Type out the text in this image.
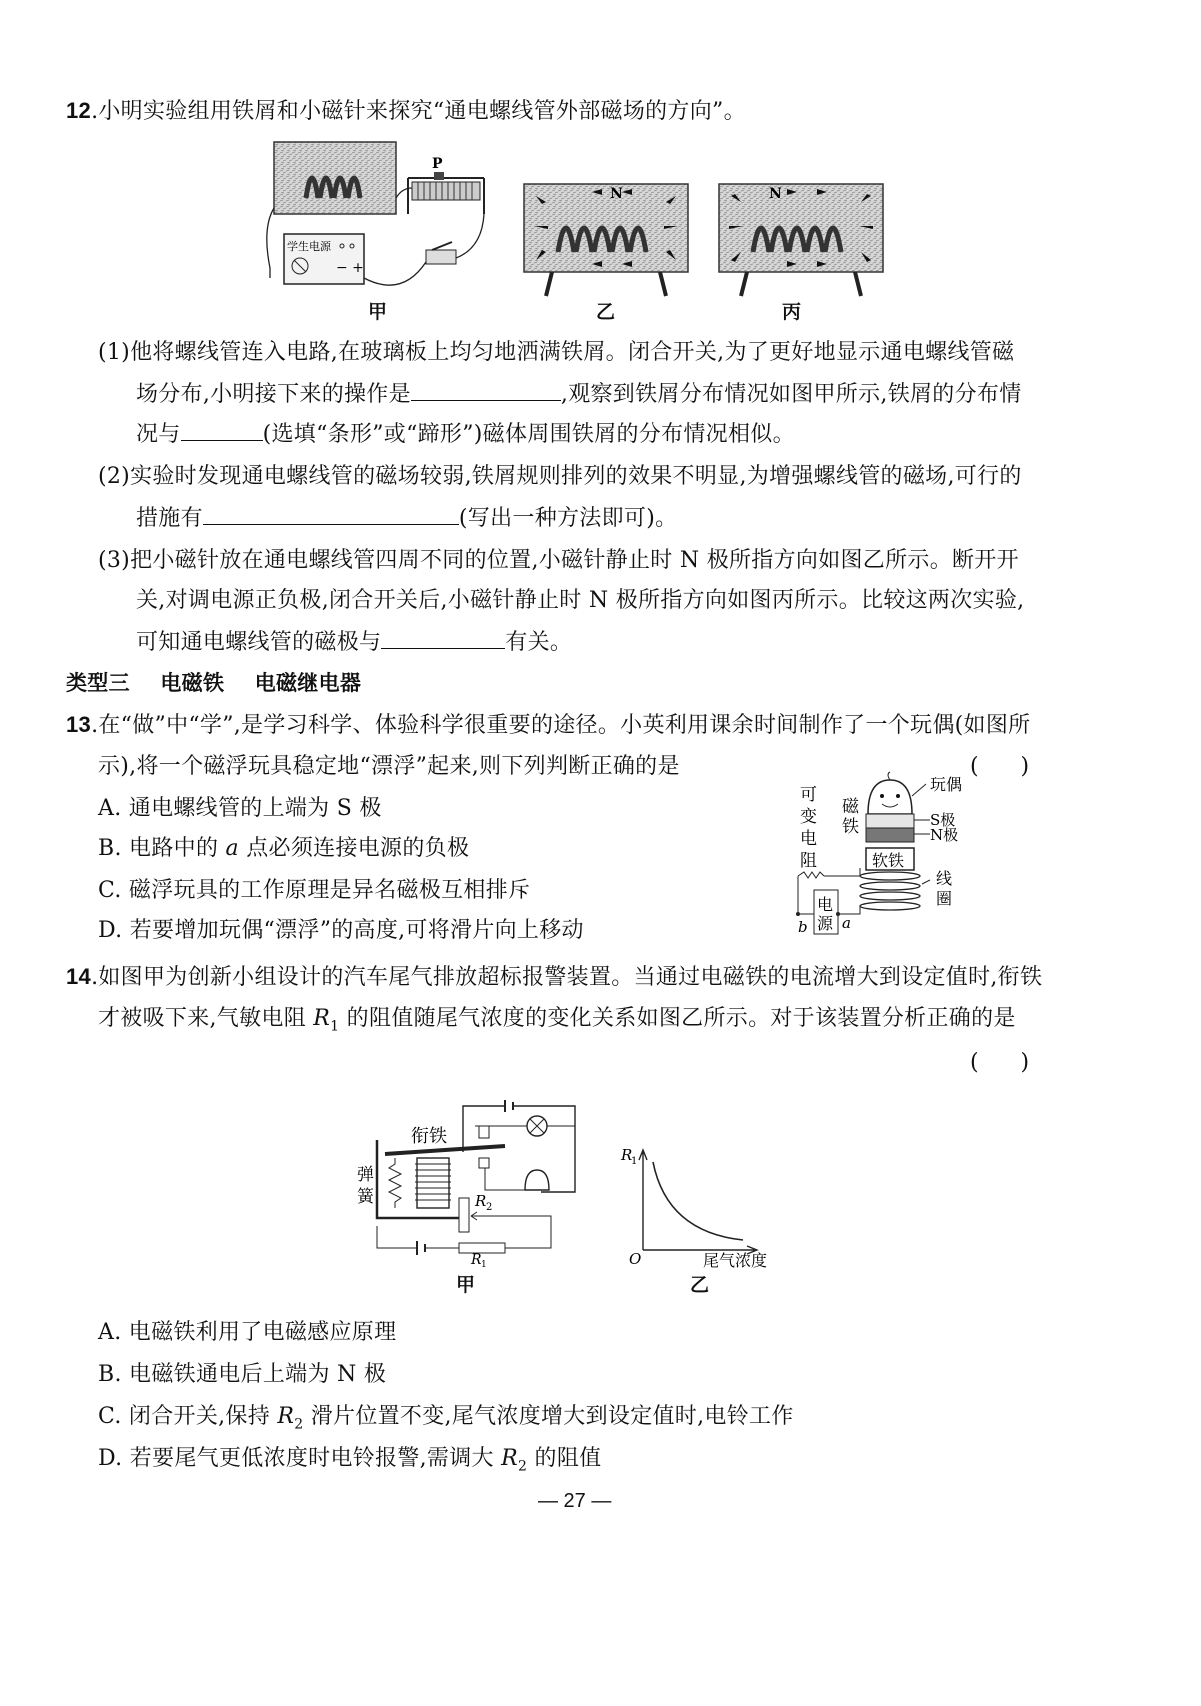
12.小明实验组用铁屑和小磁针来探究“通电螺线管外部磁场的方向”。
P
− +
学生电源
甲
N
乙
N
丙
(1)他将螺线管连入电路,在玻璃板上均匀地洒满铁屑。闭合开关,为了更好地显示通电螺线管磁
场分布,小明接下来的操作是	,观察到铁屑分布情况如图甲所示,铁屑的分布情
况与	(选填“条形”或“蹄形”)磁体周围铁屑的分布情况相似。
(2)实验时发现通电螺线管的磁场较弱,铁屑规则排列的效果不明显,为增强螺线管的磁场,可行的
措施有	(写出一种方法即可)。
(3)把小磁针放在通电螺线管四周不同的位置,小磁针静止时 N 极所指方向如图乙所示。断开开
关,对调电源正负极,闭合开关后,小磁针静止时 N 极所指方向如图丙所示。比较这两次实验,
可知通电螺线管的磁极与	有关。
类型三    电磁铁    电磁继电器
13.在“做”中“学”,是学习科学、体验科学很重要的途径。小英利用课余时间制作了一个玩偶(如图所
示),将一个磁浮玩具稳定地“漂浮”起来,则下列判断正确的是	(      )
A. 通电螺线管的上端为 S 极
B. 电路中的 a 点必须连接电源的负极
C. 磁浮玩具的工作原理是异名磁极互相排斥
D. 若要增加玩偶“漂浮”的高度,可将滑片向上移动
玩偶
S极
N极
磁
铁
可
变
电
阻	软铁
线
圈
电
源
b a
14.如图甲为创新小组设计的汽车尾气排放超标报警装置。当通过电磁铁的电流增大到设定值时,衔铁
才被吸下来,气敏电阻 $R_1$ 的阻值随尾气浓度的变化关系如图乙所示。对于该装置分析正确的是
(      )
衔铁
弹
簧	R 2
R 1
甲
R
1
O	尾气浓度
乙
A. 电磁铁利用了电磁感应原理
B. 电磁铁通电后上端为 N 极
C. 闭合开关,保持 $R_2$ 滑片位置不变,尾气浓度增大到设定值时,电铃工作
D. 若要尾气更低浓度时电铃报警,需调大 $R_2$ 的阻值
— 27 —
